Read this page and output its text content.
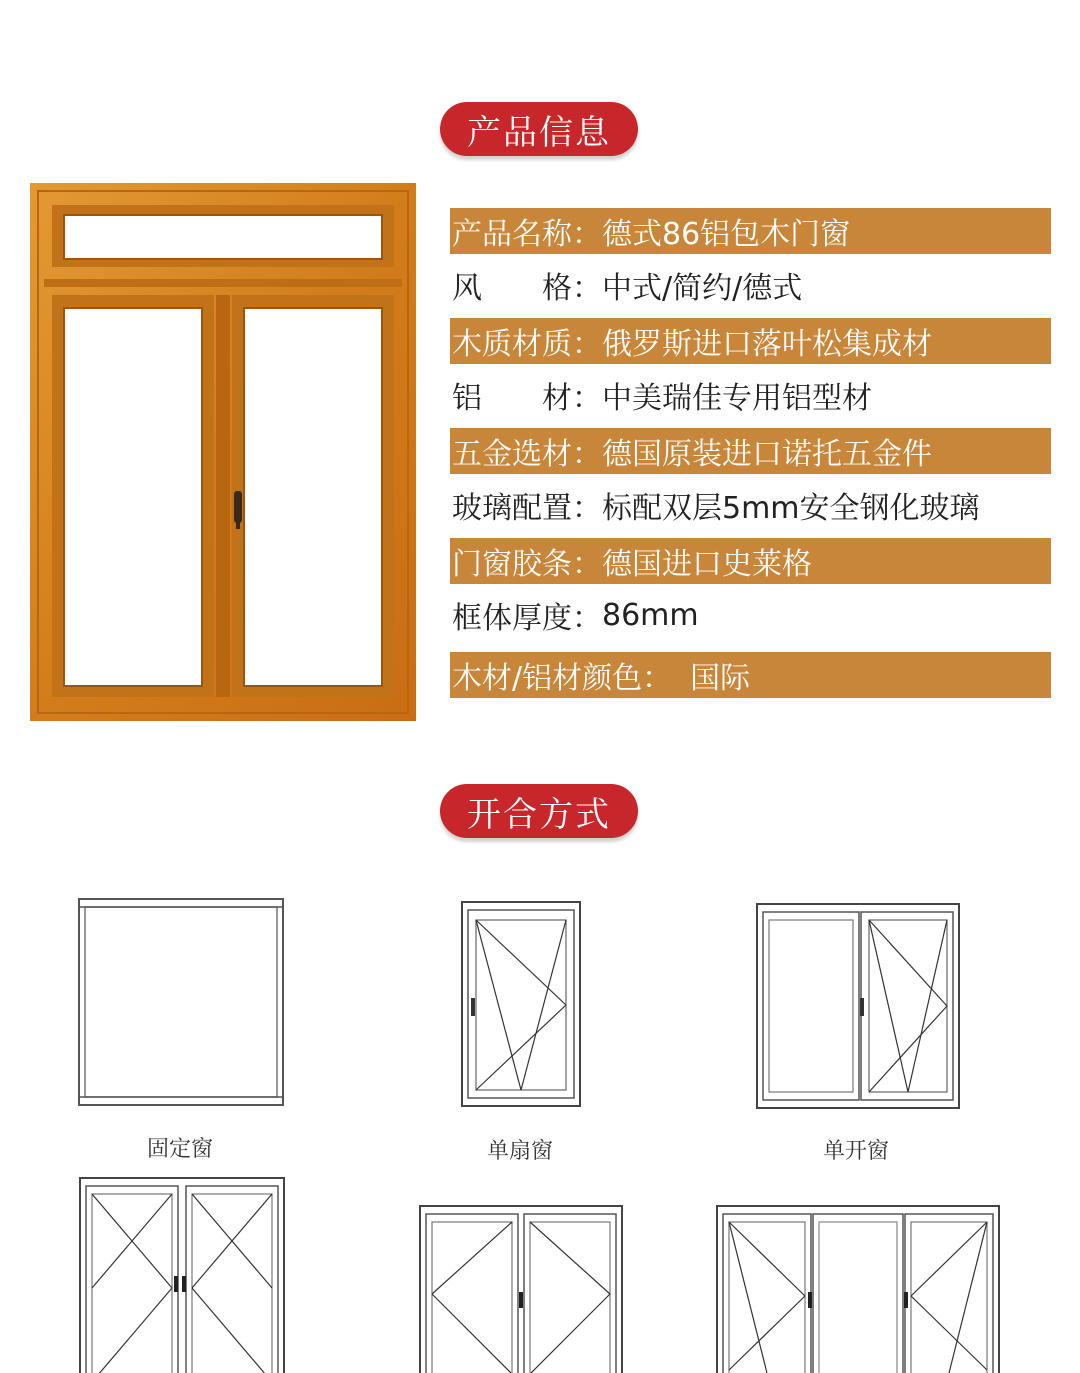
产品信息
产品名称： 德式86铝包木门窗
风　　格： 中式/简约/德式
木质材质： 俄罗斯进口落叶松集成材
铝　　材： 中美瑞佳专用铝型材
五金选材： 德国原装进口诺托五金件
玻璃配置： 标配双层5mm安全钢化玻璃
门窗胶条： 德国进口史莱格
框体厚度： 86mm
木材/铝材颜色： 国际
开合方式
固定窗	单扇窗	单开窗
